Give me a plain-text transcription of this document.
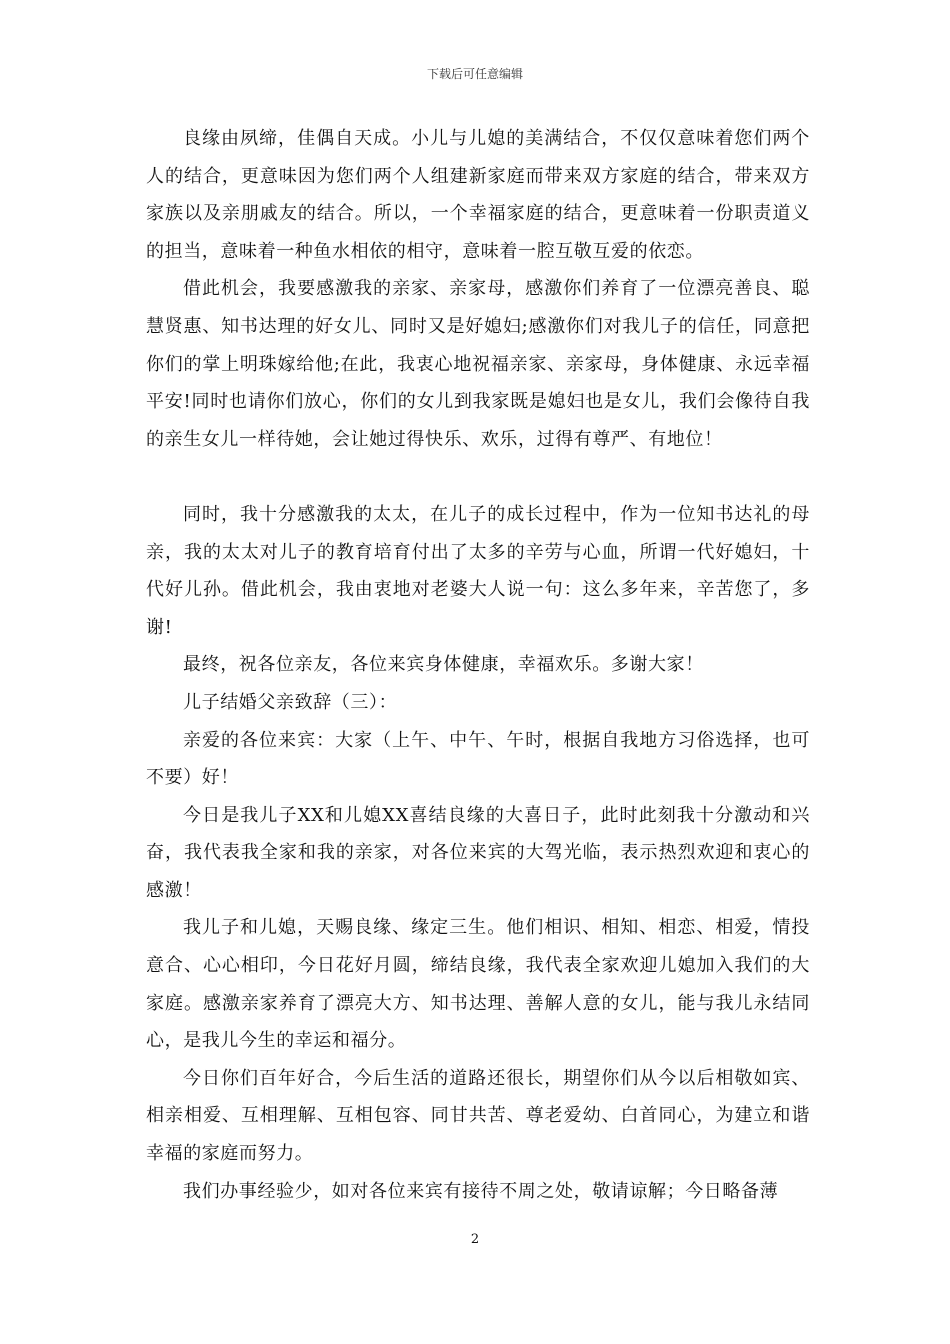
下载后可任意编辑

良缘由夙缔，佳偶自天成。小儿与儿媳的美满结合，不仅仅意味着您们两个人的结合，更意味因为您们两个人组建新家庭而带来双方家庭的结合，带来双方家族以及亲朋戚友的结合。所以，一个幸福家庭的结合，更意味着一份职责道义的担当，意味着一种鱼水相依的相守，意味着一腔互敬互爱的依恋。

借此机会，我要感激我的亲家、亲家母，感激你们养育了一位漂亮善良、聪慧贤惠、知书达理的好女儿、同时又是好媳妇;感激你们对我儿子的信任，同意把你们的掌上明珠嫁给他;在此，我衷心地祝福亲家、亲家母，身体健康、永远幸福平安!同时也请你们放心，你们的女儿到我家既是媳妇也是女儿，我们会像待自我的亲生女儿一样待她，会让她过得快乐、欢乐，过得有尊严、有地位！

同时，我十分感激我的太太，在儿子的成长过程中，作为一位知书达礼的母亲，我的太太对儿子的教育培育付出了太多的辛劳与心血，所谓一代好媳妇，十代好儿孙。借此机会，我由衷地对老婆大人说一句：这么多年来，辛苦您了，多谢!

最终，祝各位亲友，各位来宾身体健康，幸福欢乐。多谢大家！

儿子结婚父亲致辞（三）：

亲爱的各位来宾：大家（上午、中午、午时，根据自我地方习俗选择，也可不要）好！

今日是我儿子XX和儿媳XX喜结良缘的大喜日子，此时此刻我十分激动和兴奋，我代表我全家和我的亲家，对各位来宾的大驾光临，表示热烈欢迎和衷心的感激！

我儿子和儿媳，天赐良缘、缘定三生。他们相识、相知、相恋、相爱，情投意合、心心相印，今日花好月圆，缔结良缘，我代表全家欢迎儿媳加入我们的大家庭。感激亲家养育了漂亮大方、知书达理、善解人意的女儿，能与我儿永结同心，是我儿今生的幸运和福分。

今日你们百年好合，今后生活的道路还很长，期望你们从今以后相敬如宾、相亲相爱、互相理解、互相包容、同甘共苦、尊老爱幼、白首同心，为建立和谐幸福的家庭而努力。

我们办事经验少，如对各位来宾有接待不周之处，敬请谅解；今日略备薄

2
